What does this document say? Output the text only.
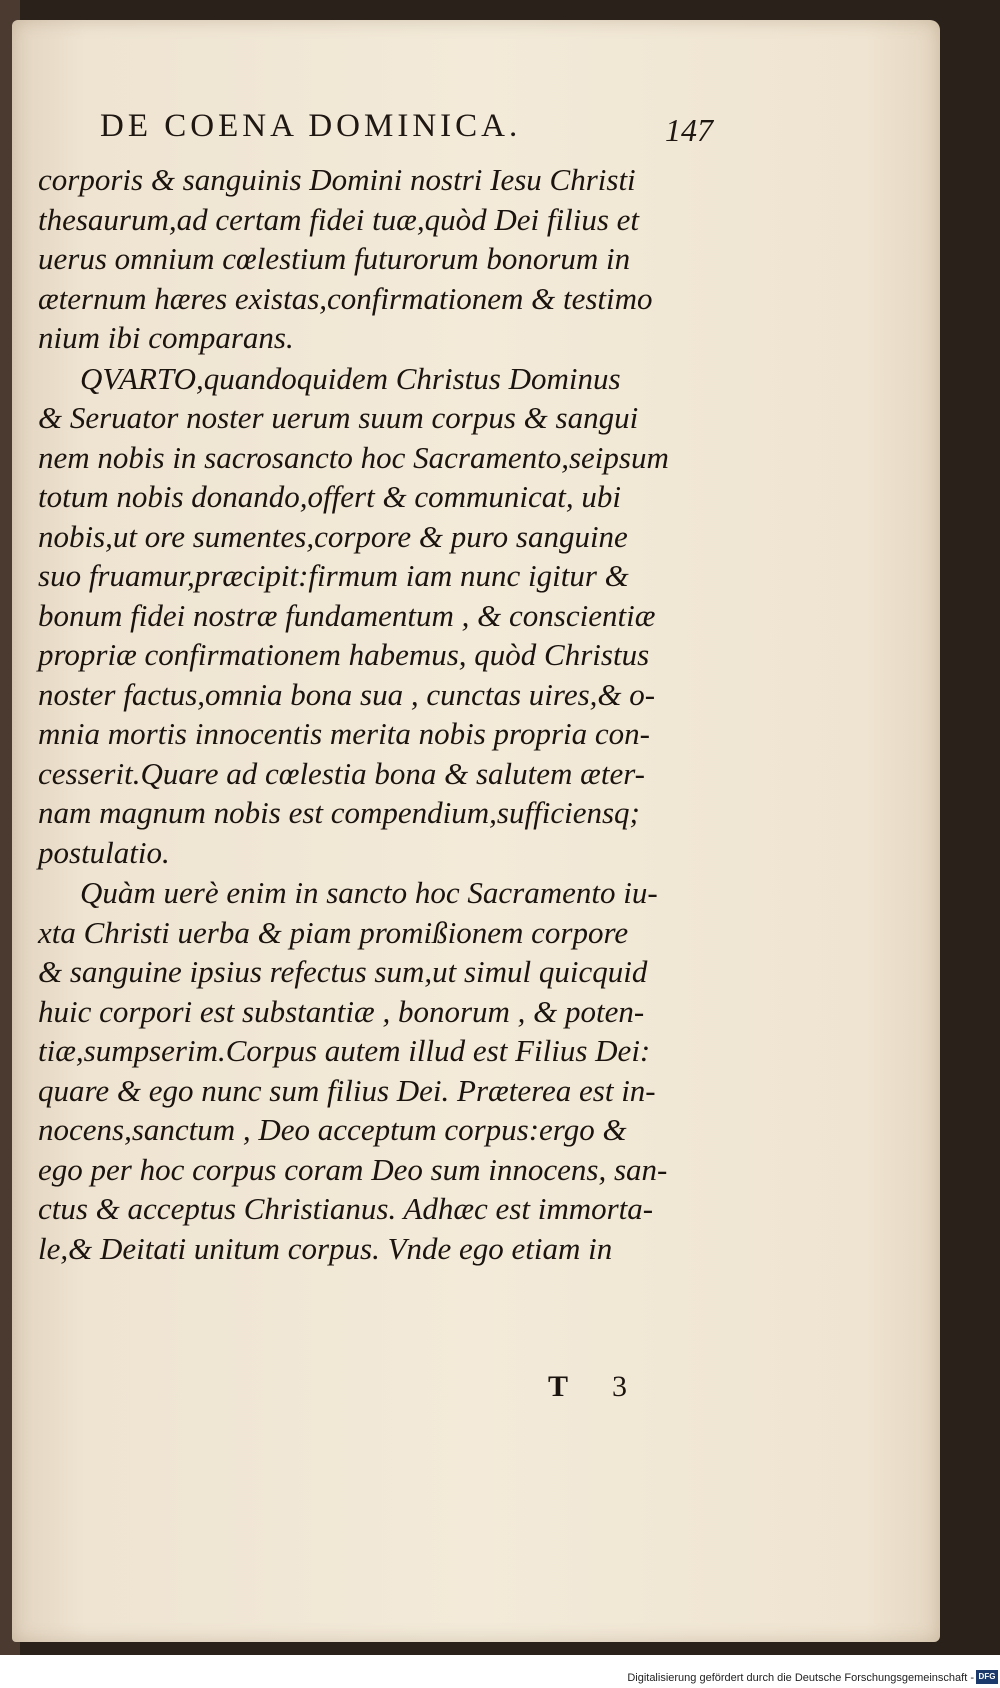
DE COENA DOMINICA.	147
corporis & sanguinis Domini nostri Iesu Christi
thesaurum,ad certam fidei tuæ,quòd Dei filius et
uerus omnium cœlestium futurorum bonorum in
æternum hæres existas,confirmationem & testimo
nium ibi comparans.
QVARTO,quandoquidem Christus Dominus
& Seruator noster uerum suum corpus & sangui
nem nobis in sacrosancto hoc Sacramento,seipsum
totum nobis donando,offert & communicat, ubi
nobis,ut ore sumentes,corpore & puro sanguine
suo fruamur,præcipit:firmum iam nunc igitur &
bonum fidei nostræ fundamentum , & conscientiæ
propriæ confirmationem habemus, quòd Christus
noster factus,omnia bona sua , cunctas uires,& o-
mnia mortis innocentis merita nobis propria con-
cesserit.Quare ad cœlestia bona & salutem æter-
nam magnum nobis est compendium,sufficiensq;
postulatio.
Quàm uerè enim in sancto hoc Sacramento iu-
xta Christi uerba & piam promißionem corpore
& sanguine ipsius refectus sum,ut simul quicquid
huic corpori est substantiæ , bonorum , & poten-
tiæ,sumpserim.Corpus autem illud est Filius Dei:
quare & ego nunc sum filius Dei. Præterea est in-
nocens,sanctum , Deo acceptum corpus:ergo &
ego per hoc corpus coram Deo sum innocens, san-
ctus & acceptus Christianus. Adhæc est immorta-
le,& Deitati unitum corpus. Vnde ego etiam in
T 3
Digitalisierung gefördert durch die Deutsche Forschungsgemeinschaft - DFG
